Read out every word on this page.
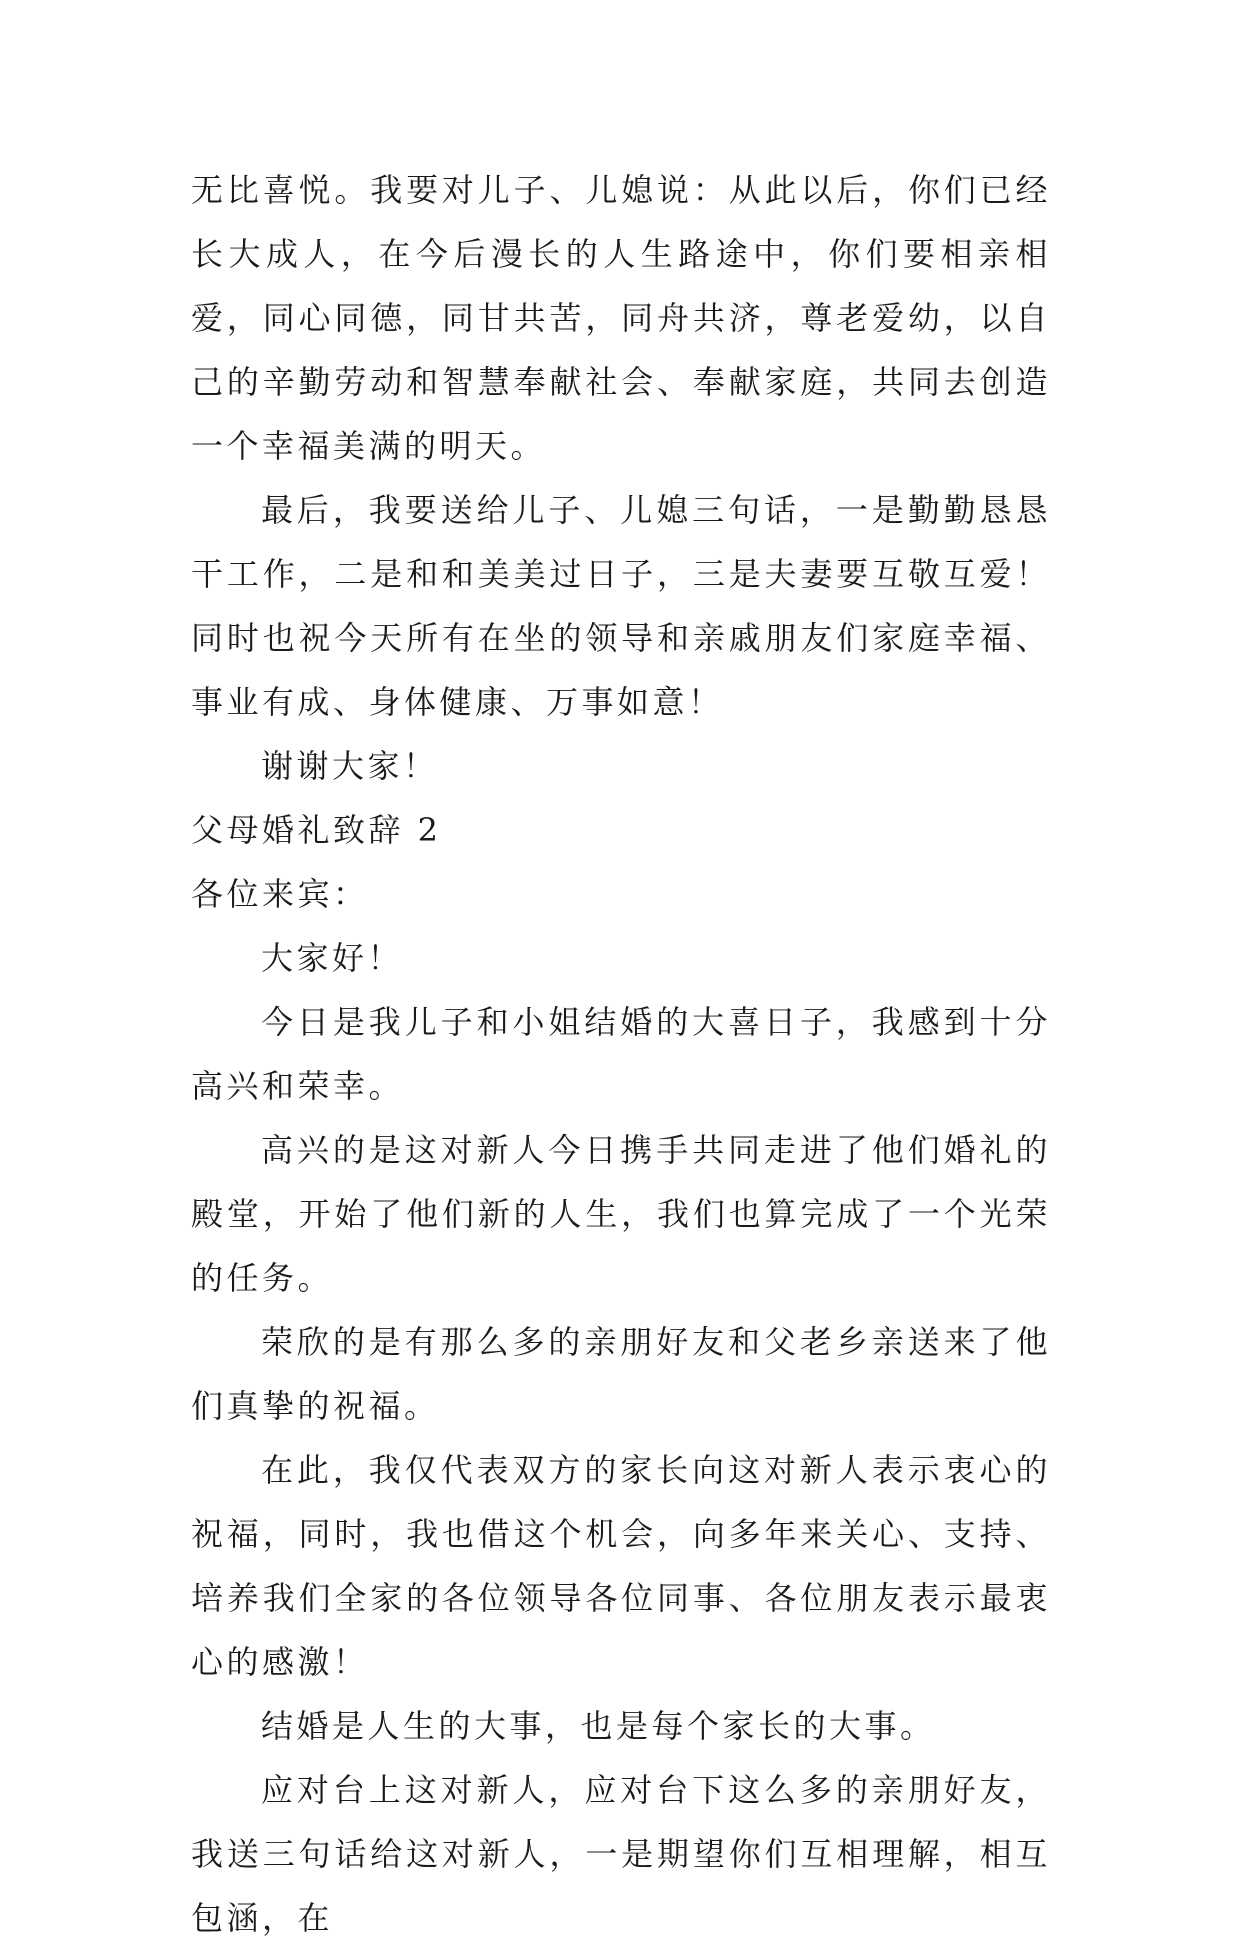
无比喜悦。我要对儿子、儿媳说：从此以后，你们已经长大成人，在今后漫长的人生路途中，你们要相亲相爱，同心同德，同甘共苦，同舟共济，尊老爱幼，以自己的辛勤劳动和智慧奉献社会、奉献家庭，共同去创造一个幸福美满的明天。

最后，我要送给儿子、儿媳三句话，一是勤勤恳恳干工作，二是和和美美过日子，三是夫妻要互敬互爱！同时也祝今天所有在坐的领导和亲戚朋友们家庭幸福、事业有成、身体健康、万事如意！

谢谢大家！

父母婚礼致辞 2

各位来宾：

大家好！

今日是我儿子和小姐结婚的大喜日子，我感到十分高兴和荣幸。

高兴的是这对新人今日携手共同走进了他们婚礼的殿堂，开始了他们新的人生，我们也算完成了一个光荣的任务。

荣欣的是有那么多的亲朋好友和父老乡亲送来了他们真挚的祝福。

在此，我仅代表双方的家长向这对新人表示衷心的祝福，同时，我也借这个机会，向多年来关心、支持、培养我们全家的各位领导各位同事、各位朋友表示最衷心的感激！

结婚是人生的大事，也是每个家长的大事。

应对台上这对新人，应对台下这么多的亲朋好友，我送三句话给这对新人，一是期望你们互相理解，相互包涵，在
